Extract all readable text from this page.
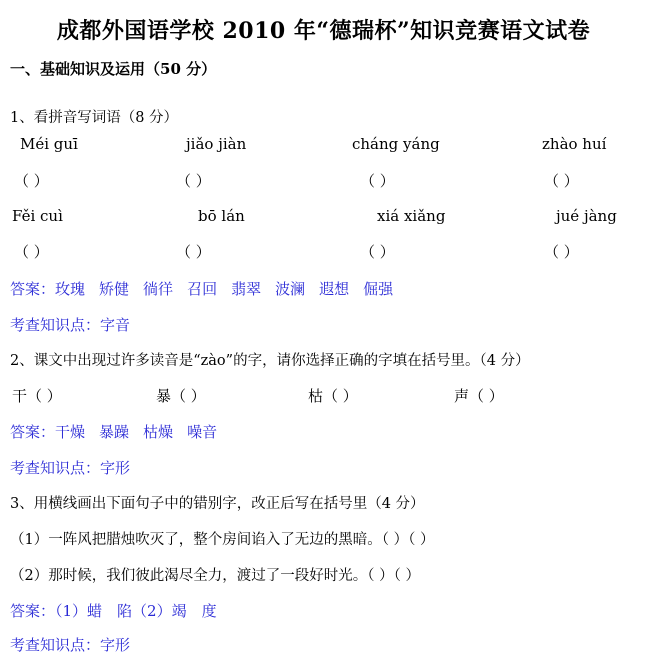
成都外国语学校 2010 年“德瑞杯”知识竞赛语文试卷
一、基础知识及运用（50 分）
1、看拼音写词语（8 分）
Méi guī	jiǎo jiàn	cháng yáng	zhào huí
（ ）	（ ）	（ ）	（ ）
Fěi cuì	bō lán	xiá xiǎng	jué jàng
（ ）	（ ）	（ ）	（ ）
答案：玫瑰 矫健 徜徉 召回 翡翠 波澜 遐想 倔强
考查知识点：字音
2、课文中出现过许多读音是“zào”的字，请你选择正确的字填在括号里。（4 分）
干（ ）	暴（ ）	枯（ ）	声（ ）
答案：干燥 暴躁 枯燥 噪音
考查知识点：字形
3、用横线画出下面句子中的错别字，改正后写在括号里（4 分）
（1）一阵风把腊烛吹灭了，整个房间谄入了无边的黑暗。（ ）（ ）
（2）那时候，我们彼此渴尽全力，渡过了一段好时光。（ ）（ ）
答案：（1）蜡　陷（2）竭　度
考查知识点：字形
